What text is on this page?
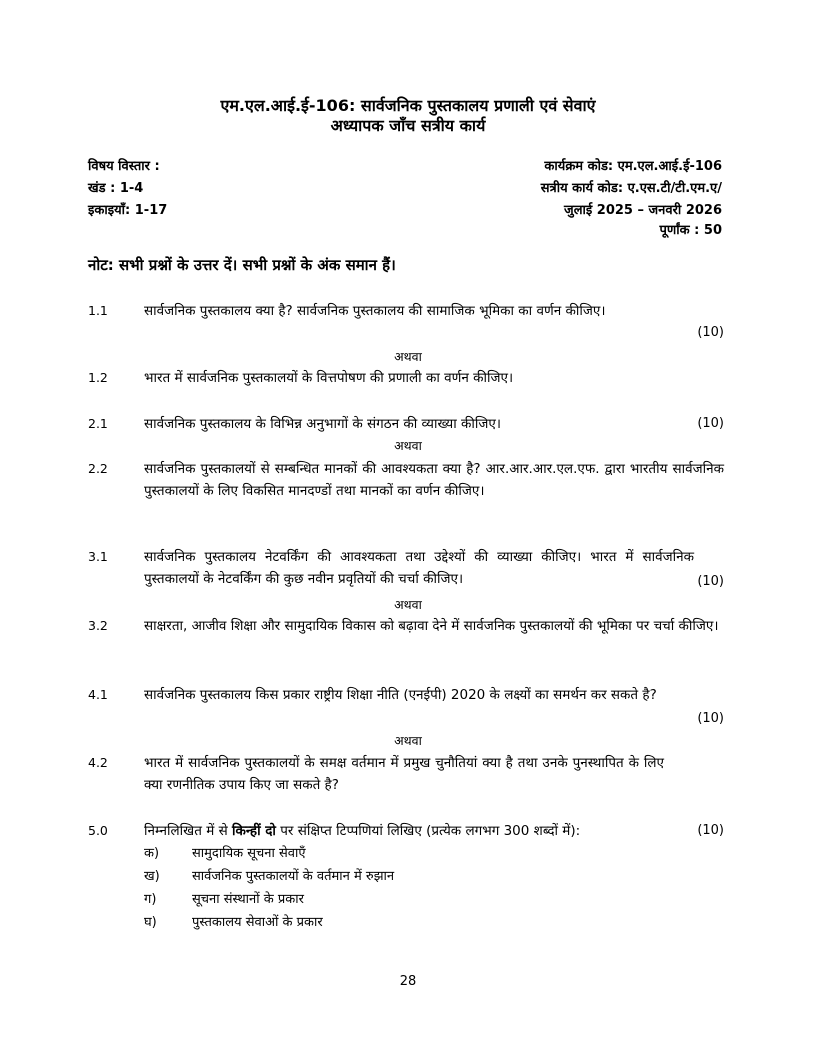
एम.एल.आई.ई-106: सार्वजनिक पुस्तकालय प्रणाली एवं सेवाएं
अध्यापक जाँच सत्रीय कार्य
विषय विस्तार :
खंड : 1-4
इकाइयाँ: 1-17
कार्यक्रम कोड: एम.एल.आई.ई-106
सत्रीय कार्य कोड: ए.एस.टी/टी.एम.ए/
जुलाई 2025 – जनवरी 2026
पूर्णांक : 50
नोट: सभी प्रश्नों के उत्तर दें। सभी प्रश्नों के अंक समान हैं।
1.1	सार्वजनिक पुस्तकालय क्या है? सार्वजनिक पुस्तकालय की सामाजिक भूमिका का वर्णन कीजिए।
(10)
अथवा
1.2	भारत में सार्वजनिक पुस्तकालयों के वित्तपोषण की प्रणाली का वर्णन कीजिए।
2.1	सार्वजनिक पुस्तकालय के विभिन्न अनुभागों के संगठन की व्याख्या कीजिए।	(10)
अथवा
2.2	सार्वजनिक पुस्तकालयों से सम्बन्धित मानकों की आवश्यकता क्या है? आर.आर.आर.एल.एफ. द्वारा भारतीय सार्वजनिक पुस्तकालयों के लिए विकसित मानदण्डों तथा मानकों का वर्णन कीजिए।
3.1	सार्वजनिक पुस्तकालय नेटवर्किंग की आवश्यकता तथा उद्देश्यों की व्याख्या कीजिए। भारत में सार्वजनिक पुस्तकालयों के नेटवर्किंग की कुछ नवीन प्रवृतियों की चर्चा कीजिए।	(10)
अथवा
3.2	साक्षरता, आजीव शिक्षा और सामुदायिक विकास को बढ़ावा देने में सार्वजनिक पुस्तकालयों की भूमिका पर चर्चा कीजिए।
4.1	सार्वजनिक पुस्तकालय किस प्रकार राष्ट्रीय शिक्षा नीति (एनईपी) 2020 के लक्ष्यों का समर्थन कर सकते है?
(10)
अथवा
4.2	भारत में सार्वजनिक पुस्तकालयों के समक्ष वर्तमान में प्रमुख चुनौतियां क्या है तथा उनके पुनस्थापित के लिए क्या रणनीतिक उपाय किए जा सकते है?
5.0	निम्नलिखित में से किन्हीं दो पर संक्षिप्त टिप्पणियां लिखिए (प्रत्येक लगभग 300 शब्दों में):	(10)
क)	सामुदायिक सूचना सेवाएँ
ख) सार्वजनिक पुस्तकालयों के वर्तमान में रुझान
ग)	सूचना संस्थानों के प्रकार
घ)	पुस्तकालय सेवाओं के प्रकार
28
